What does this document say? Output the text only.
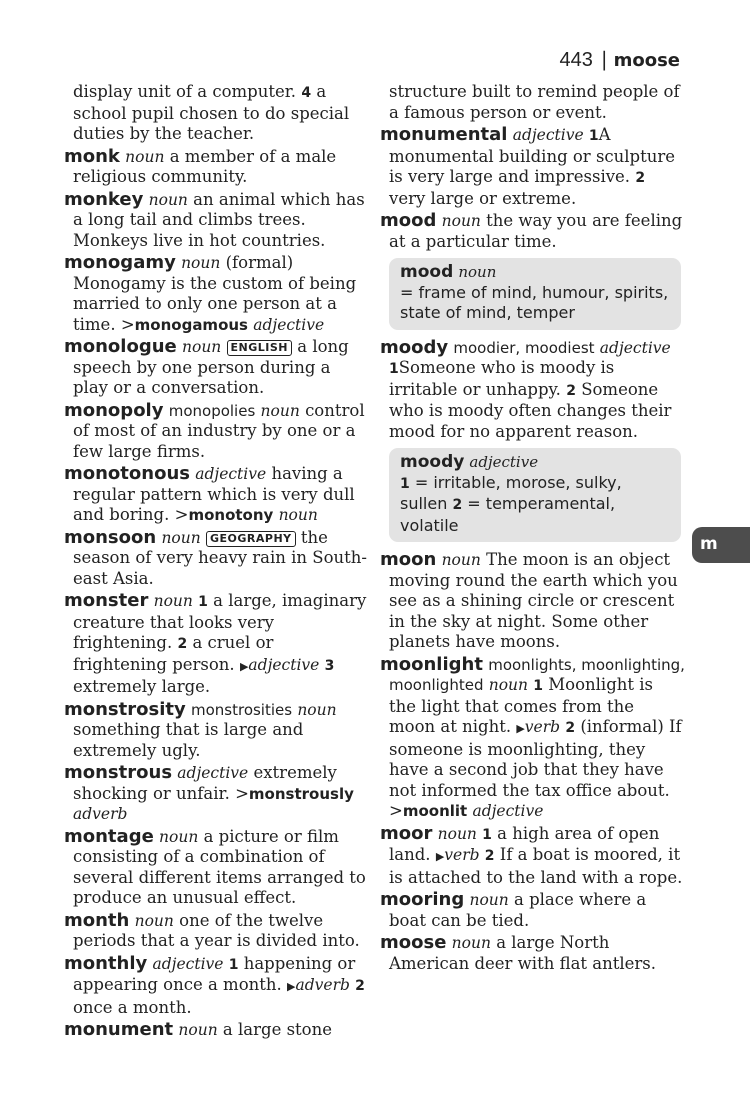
443 | moose
m
display unit of a computer. 4 a school pupil chosen to do special duties by the teacher.
monk noun a member of a male religious community.
monkey noun an animal which has a long tail and climbs trees. Monkeys live in hot countries.
monogamy noun (formal) Monogamy is the custom of being married to only one person at a time. >monogamous adjective
monologue noun ENGLISH a long speech by one person during a play or a conversation.
monopoly monopolies noun control of most of an industry by one or a few large firms.
monotonous adjective having a regular pattern which is very dull and boring. >monotony noun
monsoon noun GEOGRAPHY the season of very heavy rain in South-east Asia.
monster noun 1 a large, imaginary creature that looks very frightening. 2 a cruel or frightening person. ▶adjective 3 extremely large.
monstrosity monstrosities noun something that is large and extremely ugly.
monstrous adjective extremely shocking or unfair. >monstrously adverb
montage noun a picture or film consisting of a combination of several different items arranged to produce an unusual effect.
month noun one of the twelve periods that a year is divided into.
monthly adjective 1 happening or appearing once a month. ▶adverb 2 once a month.
monument noun a large stone
structure built to remind people of a famous person or event.
monumental adjective 1A monumental building or sculpture is very large and impressive. 2 very large or extreme.
mood noun the way you are feeling at a particular time.
mood noun
= frame of mind, humour, spirits, state of mind, temper
moody moodier, moodiest adjective 1Someone who is moody is irritable or unhappy. 2 Someone who is moody often changes their mood for no apparent reason.
moody adjective
1 = irritable, morose, sulky, sullen 2 = temperamental, volatile
moon noun The moon is an object moving round the earth which you see as a shining circle or crescent in the sky at night. Some other planets have moons.
moonlight moonlights, moonlighting, moonlighted noun 1 Moonlight is the light that comes from the moon at night. ▶verb 2 (informal) If someone is moonlighting, they have a second job that they have not informed the tax office about. >moonlit adjective
moor noun 1 a high area of open land. ▶verb 2 If a boat is moored, it is attached to the land with a rope.
mooring noun a place where a boat can be tied.
moose noun a large North American deer with flat antlers.
